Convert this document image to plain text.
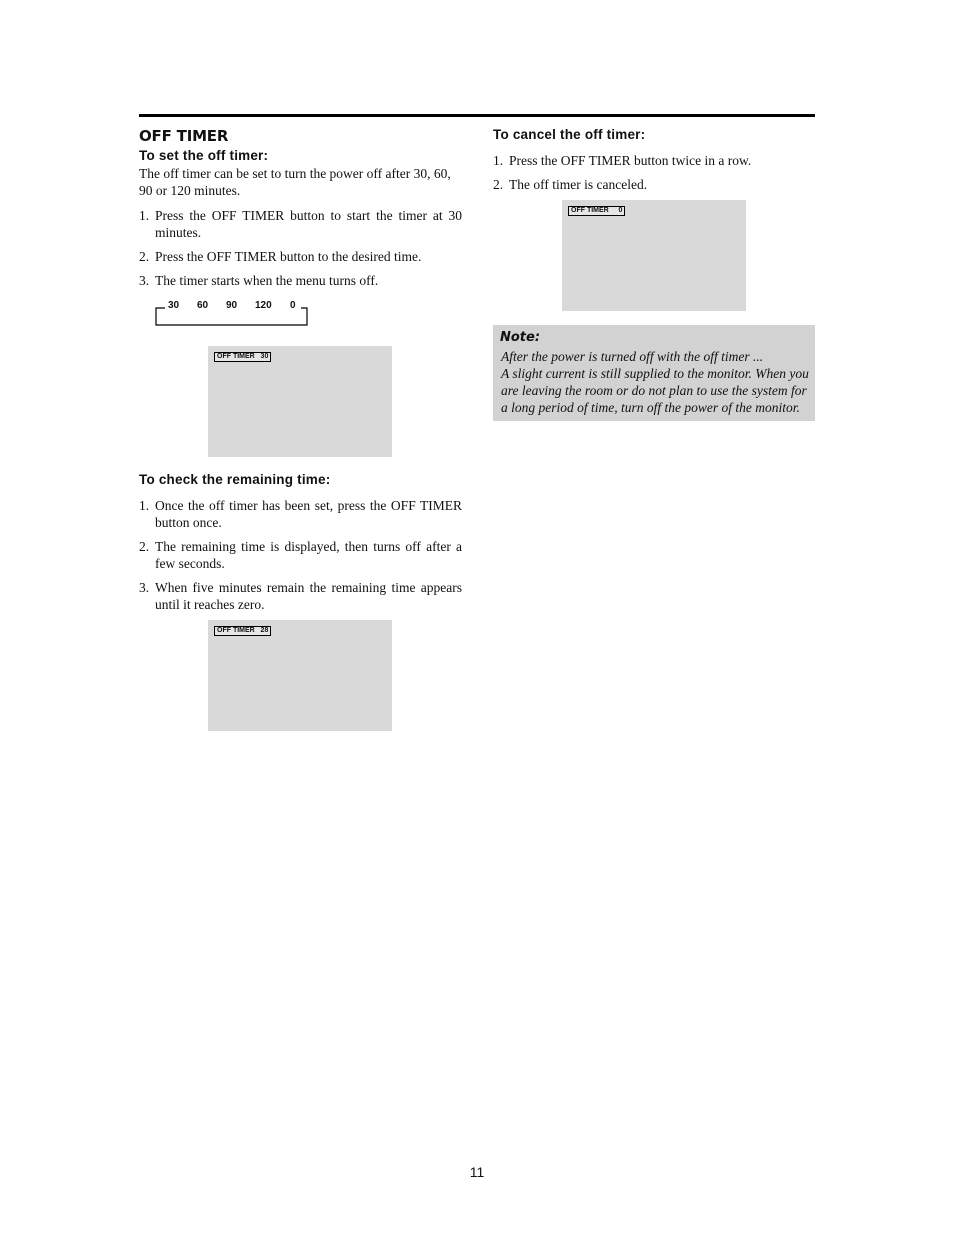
OFF TIMER
To set the off timer:
The off timer can be set to turn the power off after 30, 60, 90 or 120 minutes.
1. Press the OFF TIMER button to start the timer at 30 minutes.
2. Press the OFF TIMER button to the desired time.
3. The timer starts when the menu turns off.
30 60 90 120 0
OFF TIMER   30
To check the remaining time:
1. Once the off timer has been set, press the OFF TIMER button once.
2. The remaining time is displayed, then turns off after a few seconds.
3. When five minutes remain the remaining time appears until it reaches zero.
OFF TIMER   28
To cancel the off timer:
1. Press the OFF TIMER button twice in a row.
2. The off timer is canceled.
OFF TIMER     0
Note:
After the power is turned off with the off timer ...
A slight current is still supplied to the monitor. When you are leaving the room or do not plan to use the system for a long period of time, turn off the power of the monitor.
11
